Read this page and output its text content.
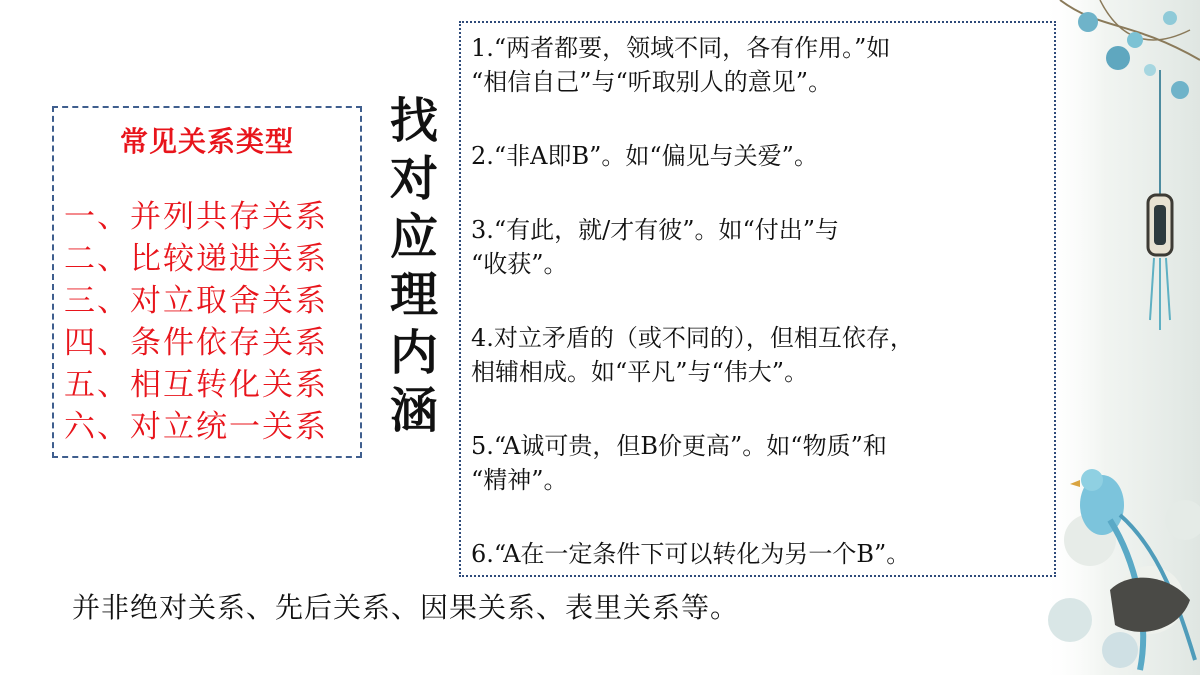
常见关系类型
一、并列共存关系
二、比较递进关系
三、对立取舍关系
四、条件依存关系
五、相互转化关系
六、对立统一关系
找
对
应
理
内
涵
1.“两者都要，领域不同，各有作用。”如
“相信自己”与“听取别人的意见”。
2.“非A即B”。如“偏见与关爱”。
3.“有此，就/才有彼”。如“付出”与
“收获”。
4.对立矛盾的（或不同的），但相互依存，
相辅相成。如“平凡”与“伟大”。
5.“A诚可贵，但B价更高”。如“物质”和
“精神”。
6.“A在一定条件下可以转化为另一个B”。
并非绝对关系、先后关系、因果关系、表里关系等。
